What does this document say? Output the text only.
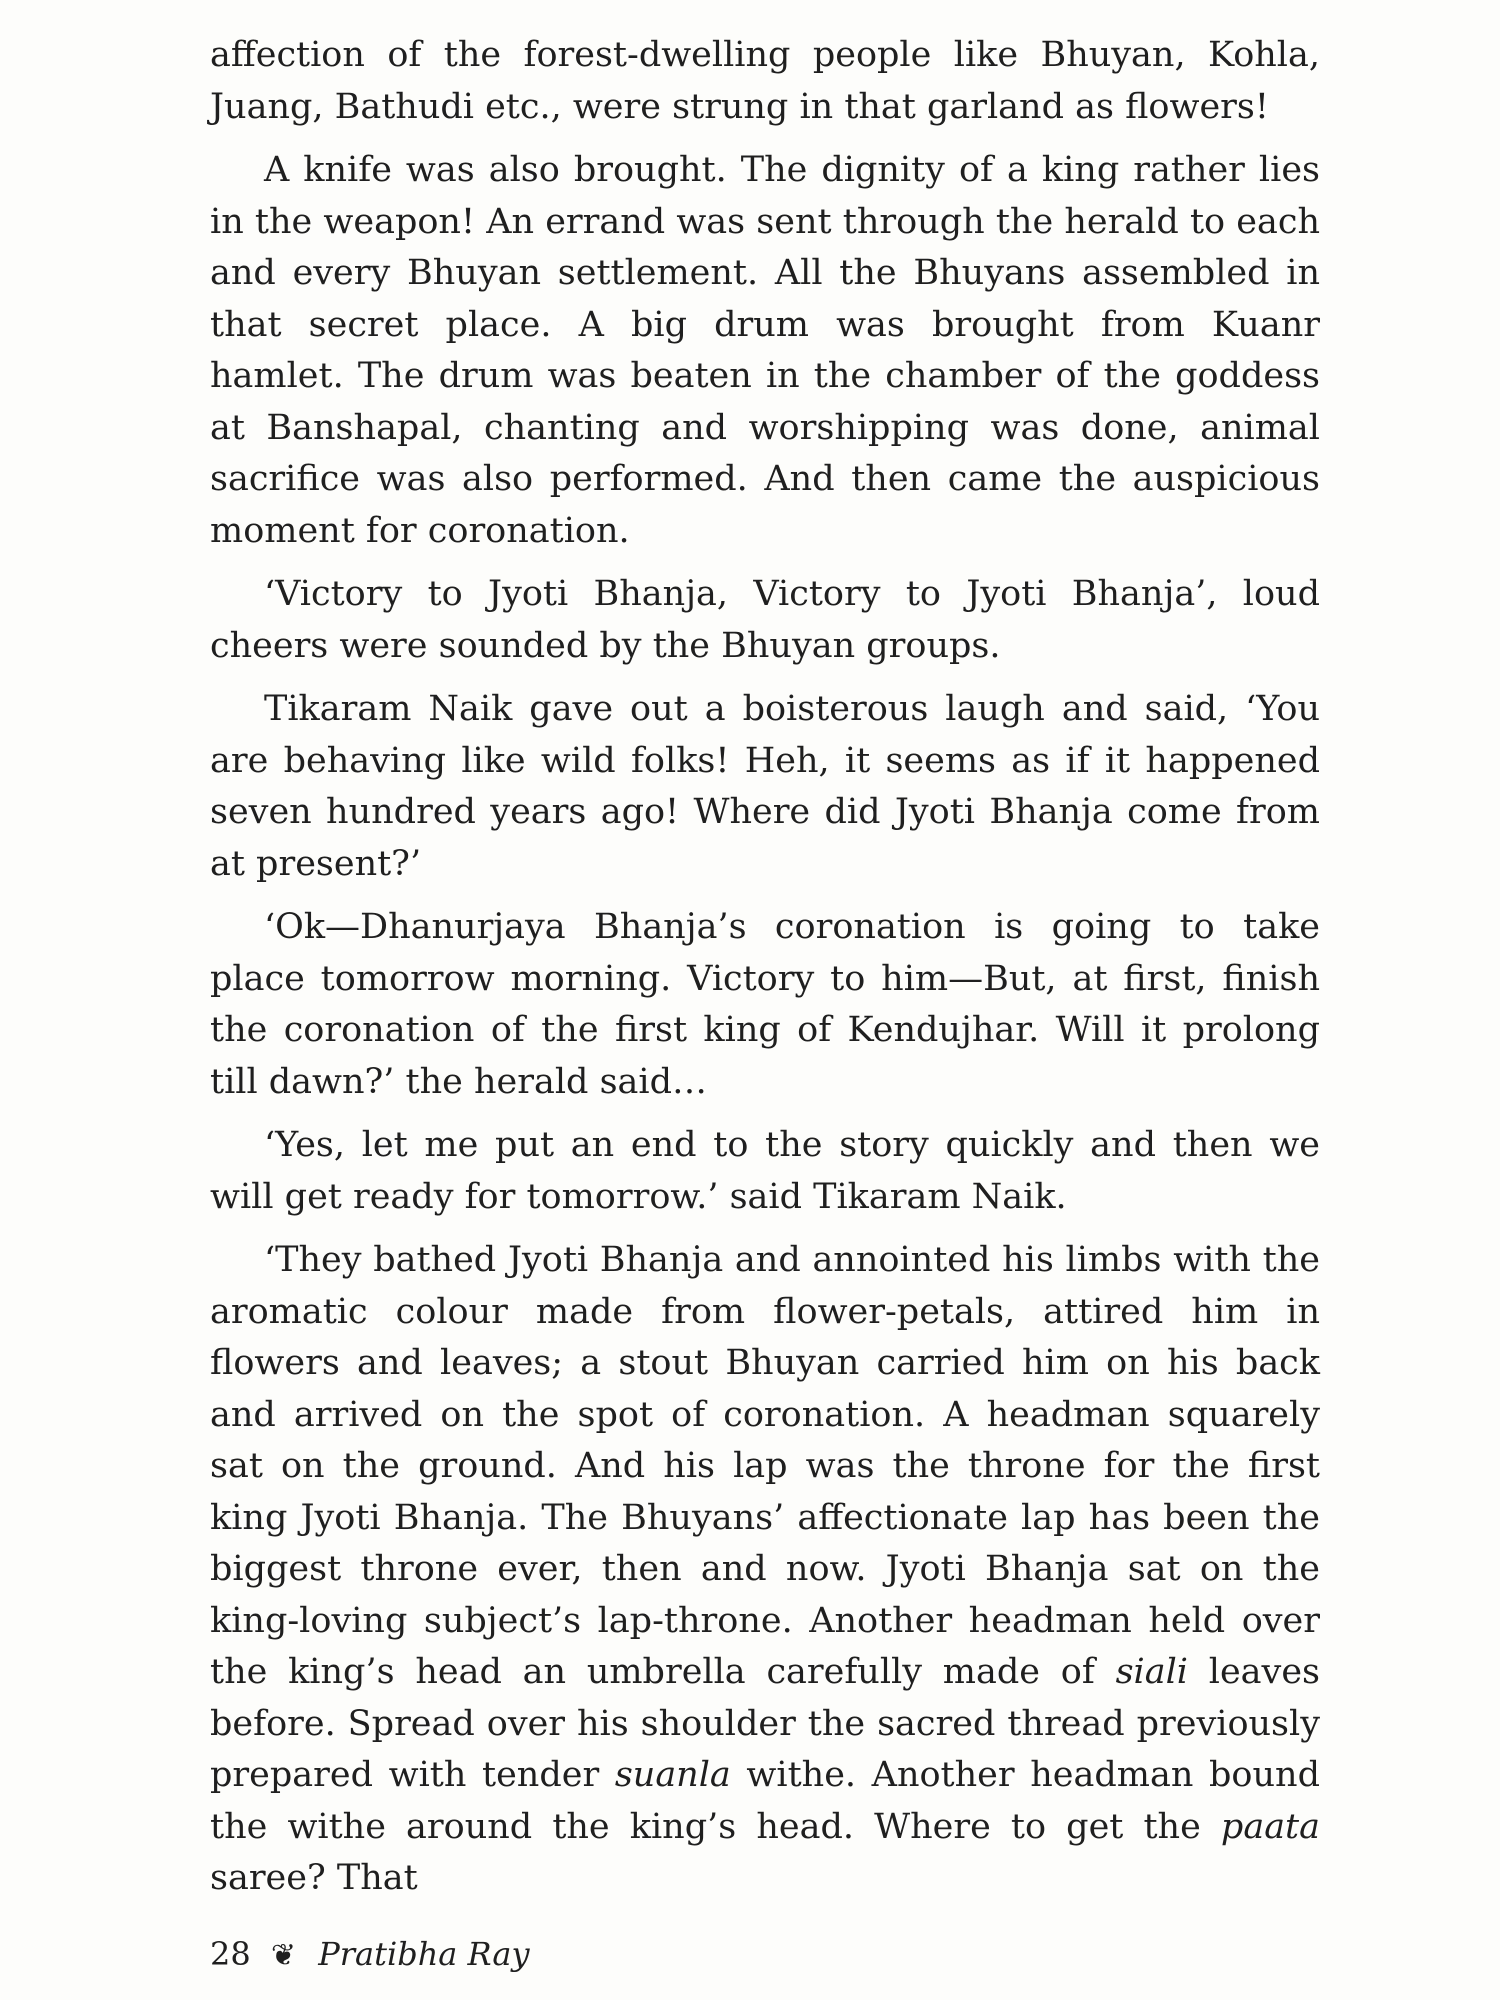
affection of the forest-dwelling people like Bhuyan, Kohla, Juang, Bathudi etc., were strung in that garland as flowers!

A knife was also brought. The dignity of a king rather lies in the weapon! An errand was sent through the herald to each and every Bhuyan settlement. All the Bhuyans assembled in that secret place. A big drum was brought from Kuanr hamlet. The drum was beaten in the chamber of the goddess at Banshapal, chanting and worshipping was done, animal sacrifice was also performed. And then came the auspicious moment for coronation.

‘Victory to Jyoti Bhanja, Victory to Jyoti Bhanja’, loud cheers were sounded by the Bhuyan groups.

Tikaram Naik gave out a boisterous laugh and said, ‘You are behaving like wild folks! Heh, it seems as if it happened seven hundred years ago! Where did Jyoti Bhanja come from at present?’

‘Ok—Dhanurjaya Bhanja’s coronation is going to take place tomorrow morning. Victory to him—But, at first, finish the coronation of the first king of Kendujhar. Will it prolong till dawn?’ the herald said…

‘Yes, let me put an end to the story quickly and then we will get ready for tomorrow.’ said Tikaram Naik.

‘They bathed Jyoti Bhanja and annointed his limbs with the aromatic colour made from flower-petals, attired him in flowers and leaves; a stout Bhuyan carried him on his back and arrived on the spot of coronation. A headman squarely sat on the ground. And his lap was the throne for the first king Jyoti Bhanja. The Bhuyans’ affectionate lap has been the biggest throne ever, then and now. Jyoti Bhanja sat on the king-loving subject’s lap-throne. Another headman held over the king’s head an umbrella carefully made of siali leaves before. Spread over his shoulder the sacred thread previously prepared with tender suanla withe. Another headman bound the withe around the king’s head. Where to get the paata saree? That

28 ❦ Pratibha Ray
